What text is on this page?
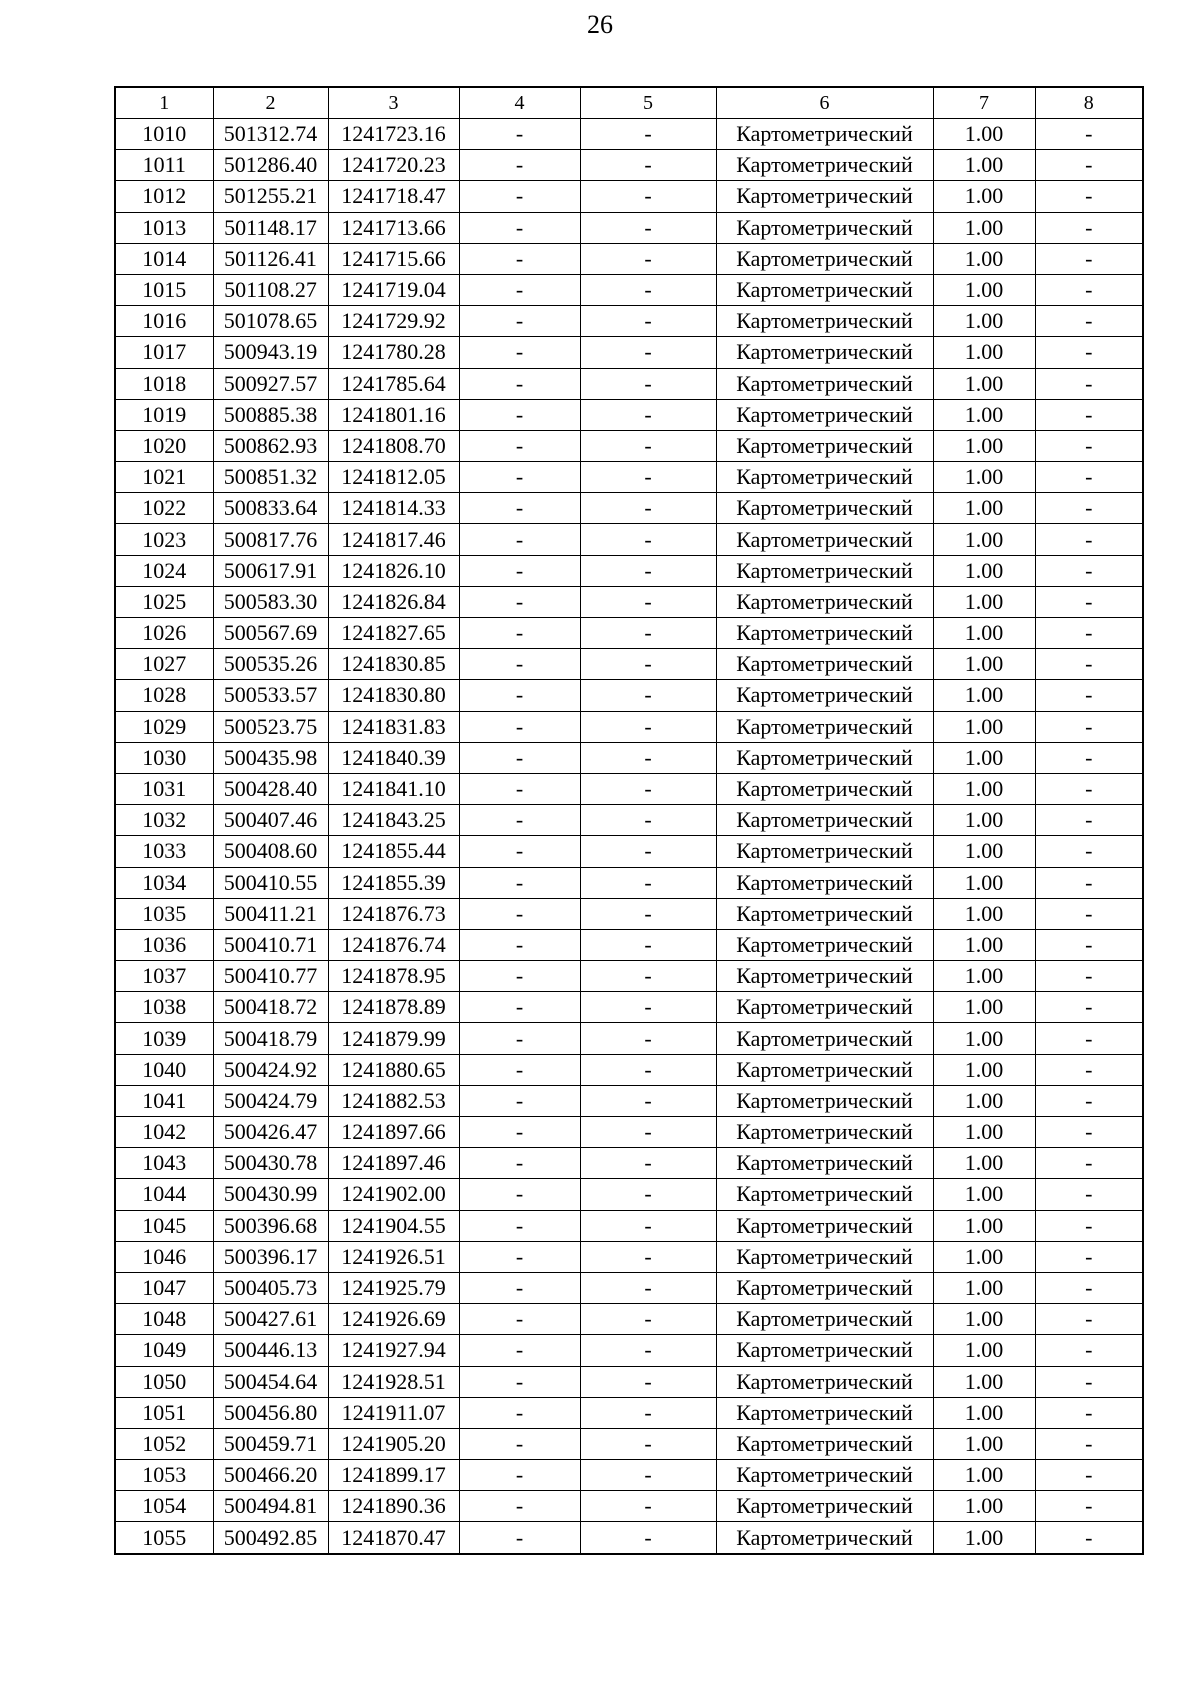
26
1	2	3	4	5	6	7	8
1010	501312.74	1241723.16	-	-	Картометрический	1.00	-
1011	501286.40	1241720.23	-	-	Картометрический	1.00	-
1012	501255.21	1241718.47	-	-	Картометрический	1.00	-
1013	501148.17	1241713.66	-	-	Картометрический	1.00	-
1014	501126.41	1241715.66	-	-	Картометрический	1.00	-
1015	501108.27	1241719.04	-	-	Картометрический	1.00	-
1016	501078.65	1241729.92	-	-	Картометрический	1.00	-
1017	500943.19	1241780.28	-	-	Картометрический	1.00	-
1018	500927.57	1241785.64	-	-	Картометрический	1.00	-
1019	500885.38	1241801.16	-	-	Картометрический	1.00	-
1020	500862.93	1241808.70	-	-	Картометрический	1.00	-
1021	500851.32	1241812.05	-	-	Картометрический	1.00	-
1022	500833.64	1241814.33	-	-	Картометрический	1.00	-
1023	500817.76	1241817.46	-	-	Картометрический	1.00	-
1024	500617.91	1241826.10	-	-	Картометрический	1.00	-
1025	500583.30	1241826.84	-	-	Картометрический	1.00	-
1026	500567.69	1241827.65	-	-	Картометрический	1.00	-
1027	500535.26	1241830.85	-	-	Картометрический	1.00	-
1028	500533.57	1241830.80	-	-	Картометрический	1.00	-
1029	500523.75	1241831.83	-	-	Картометрический	1.00	-
1030	500435.98	1241840.39	-	-	Картометрический	1.00	-
1031	500428.40	1241841.10	-	-	Картометрический	1.00	-
1032	500407.46	1241843.25	-	-	Картометрический	1.00	-
1033	500408.60	1241855.44	-	-	Картометрический	1.00	-
1034	500410.55	1241855.39	-	-	Картометрический	1.00	-
1035	500411.21	1241876.73	-	-	Картометрический	1.00	-
1036	500410.71	1241876.74	-	-	Картометрический	1.00	-
1037	500410.77	1241878.95	-	-	Картометрический	1.00	-
1038	500418.72	1241878.89	-	-	Картометрический	1.00	-
1039	500418.79	1241879.99	-	-	Картометрический	1.00	-
1040	500424.92	1241880.65	-	-	Картометрический	1.00	-
1041	500424.79	1241882.53	-	-	Картометрический	1.00	-
1042	500426.47	1241897.66	-	-	Картометрический	1.00	-
1043	500430.78	1241897.46	-	-	Картометрический	1.00	-
1044	500430.99	1241902.00	-	-	Картометрический	1.00	-
1045	500396.68	1241904.55	-	-	Картометрический	1.00	-
1046	500396.17	1241926.51	-	-	Картометрический	1.00	-
1047	500405.73	1241925.79	-	-	Картометрический	1.00	-
1048	500427.61	1241926.69	-	-	Картометрический	1.00	-
1049	500446.13	1241927.94	-	-	Картометрический	1.00	-
1050	500454.64	1241928.51	-	-	Картометрический	1.00	-
1051	500456.80	1241911.07	-	-	Картометрический	1.00	-
1052	500459.71	1241905.20	-	-	Картометрический	1.00	-
1053	500466.20	1241899.17	-	-	Картометрический	1.00	-
1054	500494.81	1241890.36	-	-	Картометрический	1.00	-
1055	500492.85	1241870.47	-	-	Картометрический	1.00	-
